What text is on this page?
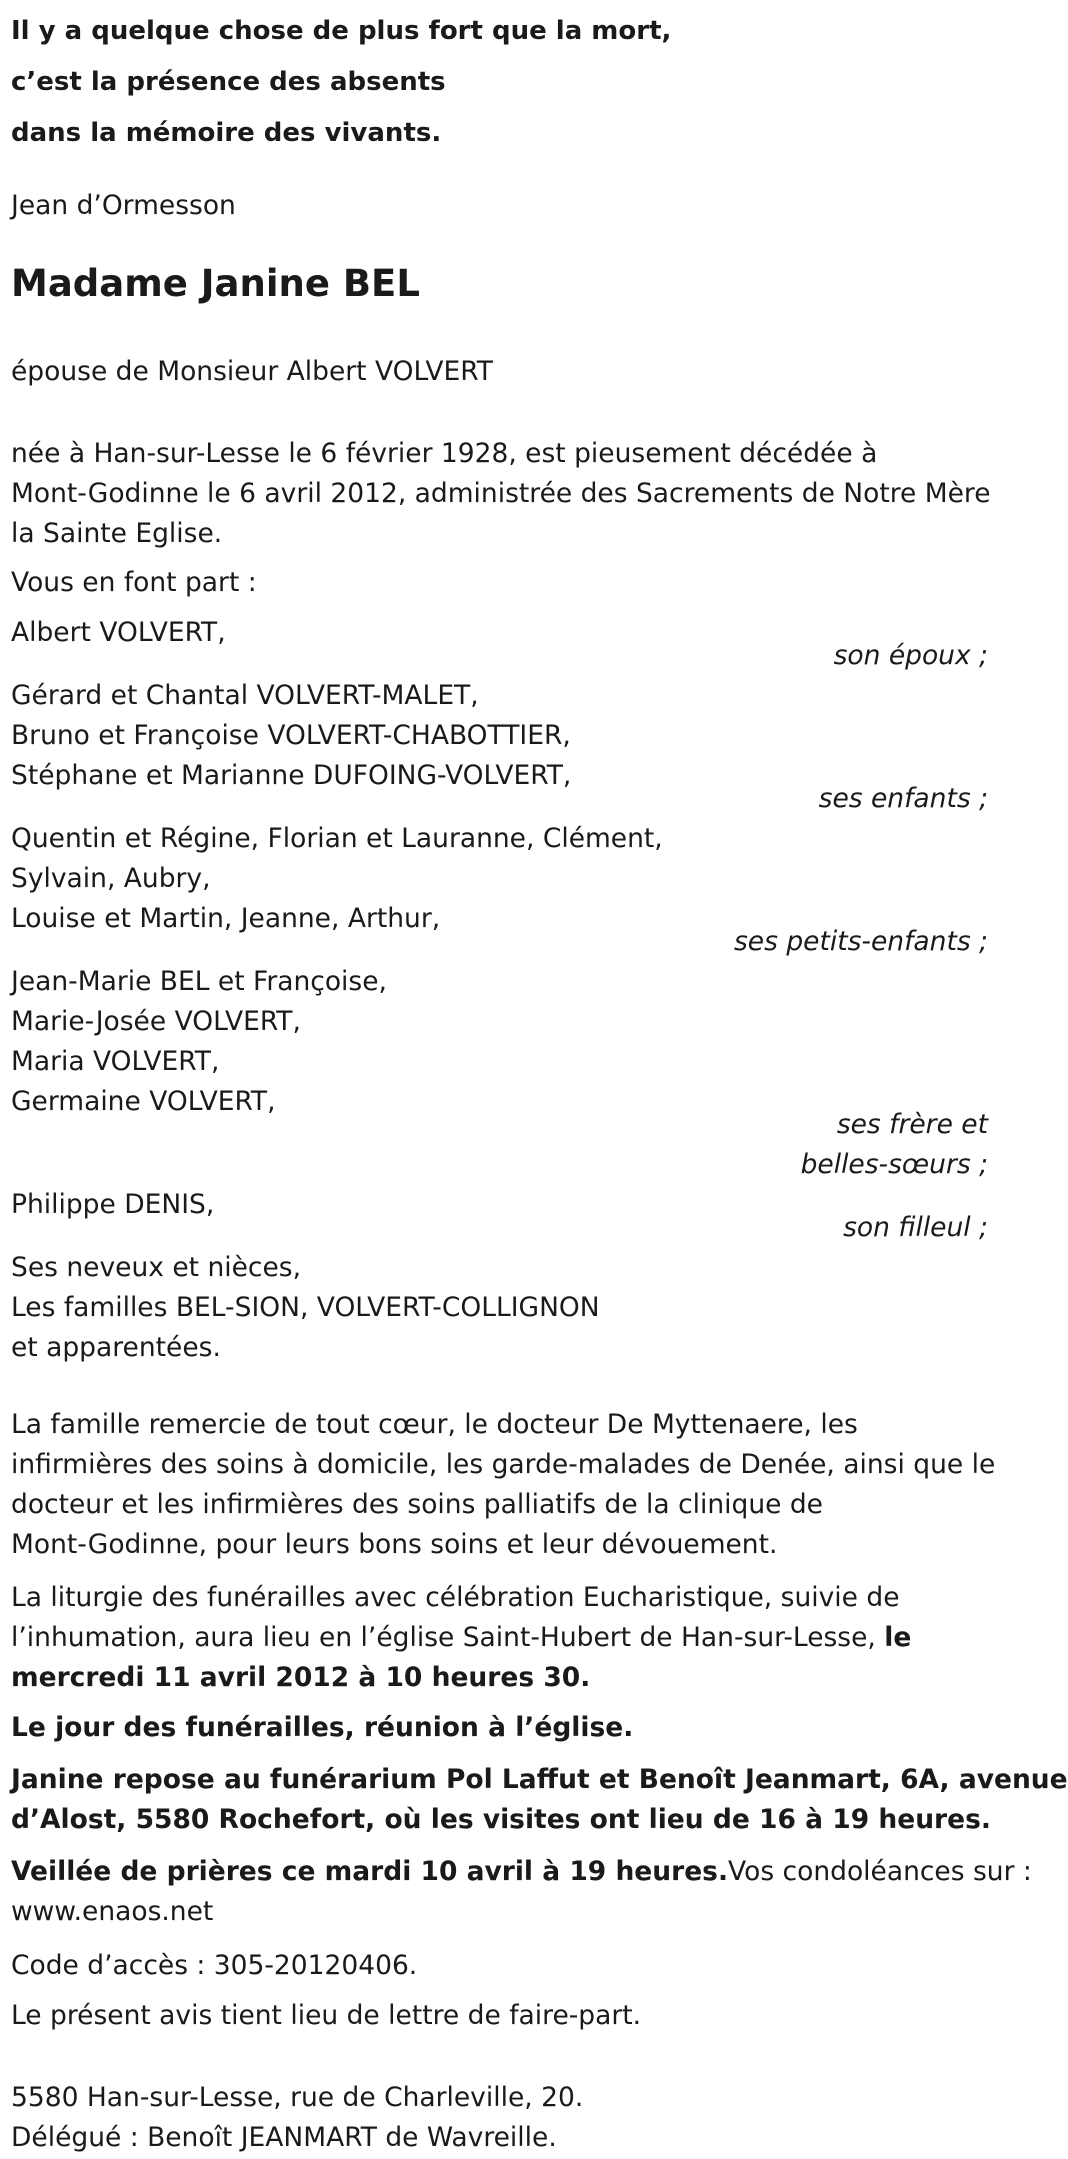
Il y a quelque chose de plus fort que la mort,
c’est la présence des absents
dans la mémoire des vivants.
Jean d’Ormesson
Madame Janine BEL
épouse de Monsieur Albert VOLVERT
née à Han-sur-Lesse le 6 février 1928, est pieusement décédée à
Mont-Godinne le 6 avril 2012, administrée des Sacrements de Notre Mère
la Sainte Eglise.
Vous en font part :
Albert VOLVERT,
son époux ;
Gérard et Chantal VOLVERT-MALET,
Bruno et Françoise VOLVERT-CHABOTTIER,
Stéphane et Marianne DUFOING-VOLVERT,
ses enfants ;
Quentin et Régine, Florian et Lauranne, Clément,
Sylvain, Aubry,
Louise et Martin, Jeanne, Arthur,
ses petits-enfants ;
Jean-Marie BEL et Françoise,
Marie-Josée VOLVERT,
Maria VOLVERT,
Germaine VOLVERT,
ses frère et
belles-sœurs ;
Philippe DENIS,
son filleul ;
Ses neveux et nièces,
Les familles BEL-SION, VOLVERT-COLLIGNON
et apparentées.
La famille remercie de tout cœur, le docteur De Myttenaere, les
infirmières des soins à domicile, les garde-malades de Denée, ainsi que le
docteur et les infirmières des soins palliatifs de la clinique de
Mont-Godinne, pour leurs bons soins et leur dévouement.
La liturgie des funérailles avec célébration Eucharistique, suivie de
l’inhumation, aura lieu en l’église Saint-Hubert de Han-sur-Lesse, le
mercredi 11 avril 2012 à 10 heures 30.
Le jour des funérailles, réunion à l’église.
Janine repose au funérarium Pol Laffut et Benoît Jeanmart, 6A, avenue
d’Alost, 5580 Rochefort, où les visites ont lieu de 16 à 19 heures.
Veillée de prières ce mardi 10 avril à 19 heures.Vos condoléances sur :
www.enaos.net
Code d’accès : 305-20120406.
Le présent avis tient lieu de lettre de faire-part.
5580 Han-sur-Lesse, rue de Charleville, 20.
Délégué : Benoît JEANMART de Wavreille.
